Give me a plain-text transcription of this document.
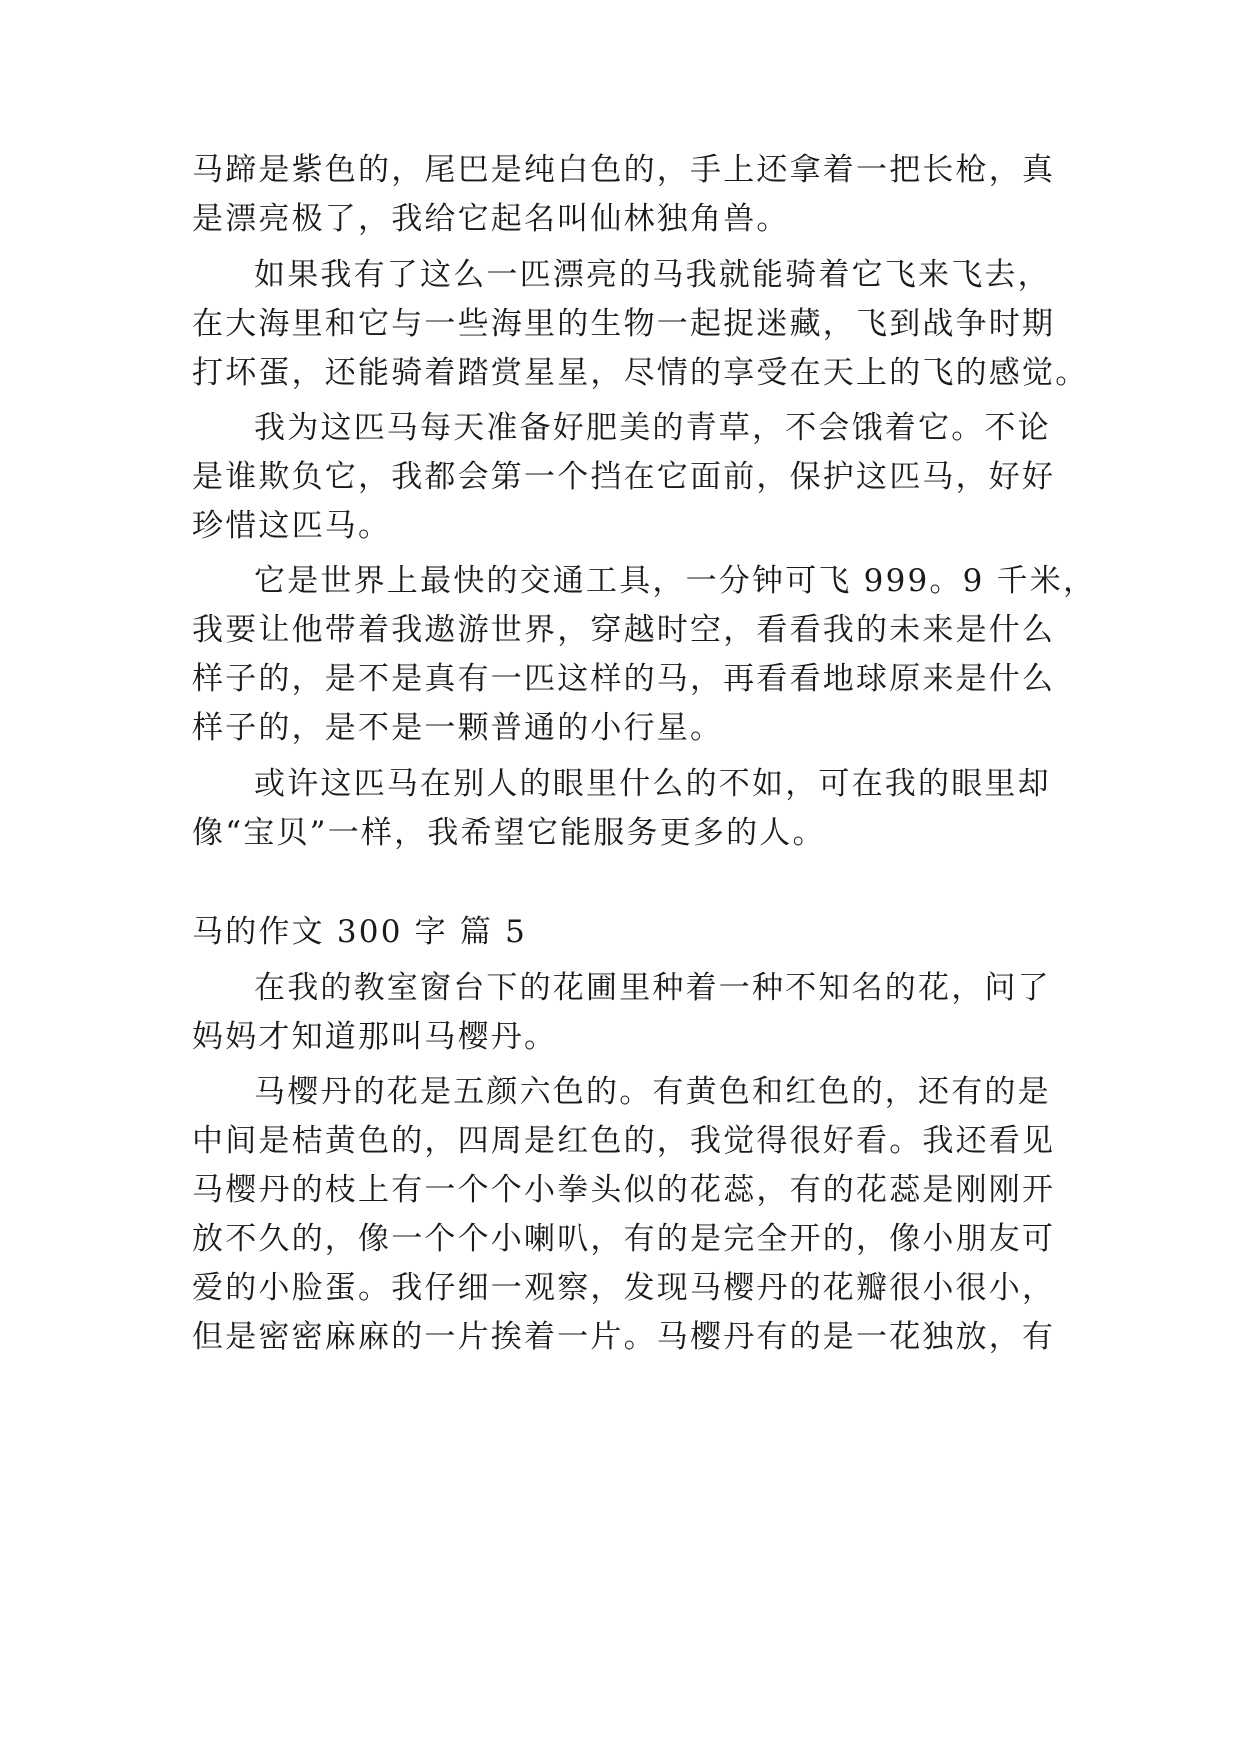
马蹄是紫色的，尾巴是纯白色的，手上还拿着一把长枪，真
是漂亮极了，我给它起名叫仙林独角兽。
如果我有了这么一匹漂亮的马我就能骑着它飞来飞去，
在大海里和它与一些海里的生物一起捉迷藏，飞到战争时期
打坏蛋，还能骑着踏赏星星，尽情的享受在天上的飞的感觉。
我为这匹马每天准备好肥美的青草，不会饿着它。不论
是谁欺负它，我都会第一个挡在它面前，保护这匹马，好好
珍惜这匹马。
它是世界上最快的交通工具，一分钟可飞 999。9 千米，
我要让他带着我遨游世界，穿越时空，看看我的未来是什么
样子的，是不是真有一匹这样的马，再看看地球原来是什么
样子的，是不是一颗普通的小行星。
或许这匹马在别人的眼里什么的不如，可在我的眼里却
像“宝贝”一样，我希望它能服务更多的人。
马的作文 300 字 篇 5
在我的教室窗台下的花圃里种着一种不知名的花，问了
妈妈才知道那叫马樱丹。
马樱丹的花是五颜六色的。有黄色和红色的，还有的是
中间是桔黄色的，四周是红色的，我觉得很好看。我还看见
马樱丹的枝上有一个个小拳头似的花蕊，有的花蕊是刚刚开
放不久的，像一个个小喇叭，有的是完全开的，像小朋友可
爱的小脸蛋。我仔细一观察，发现马樱丹的花瓣很小很小，
但是密密麻麻的一片挨着一片。马樱丹有的是一花独放，有
